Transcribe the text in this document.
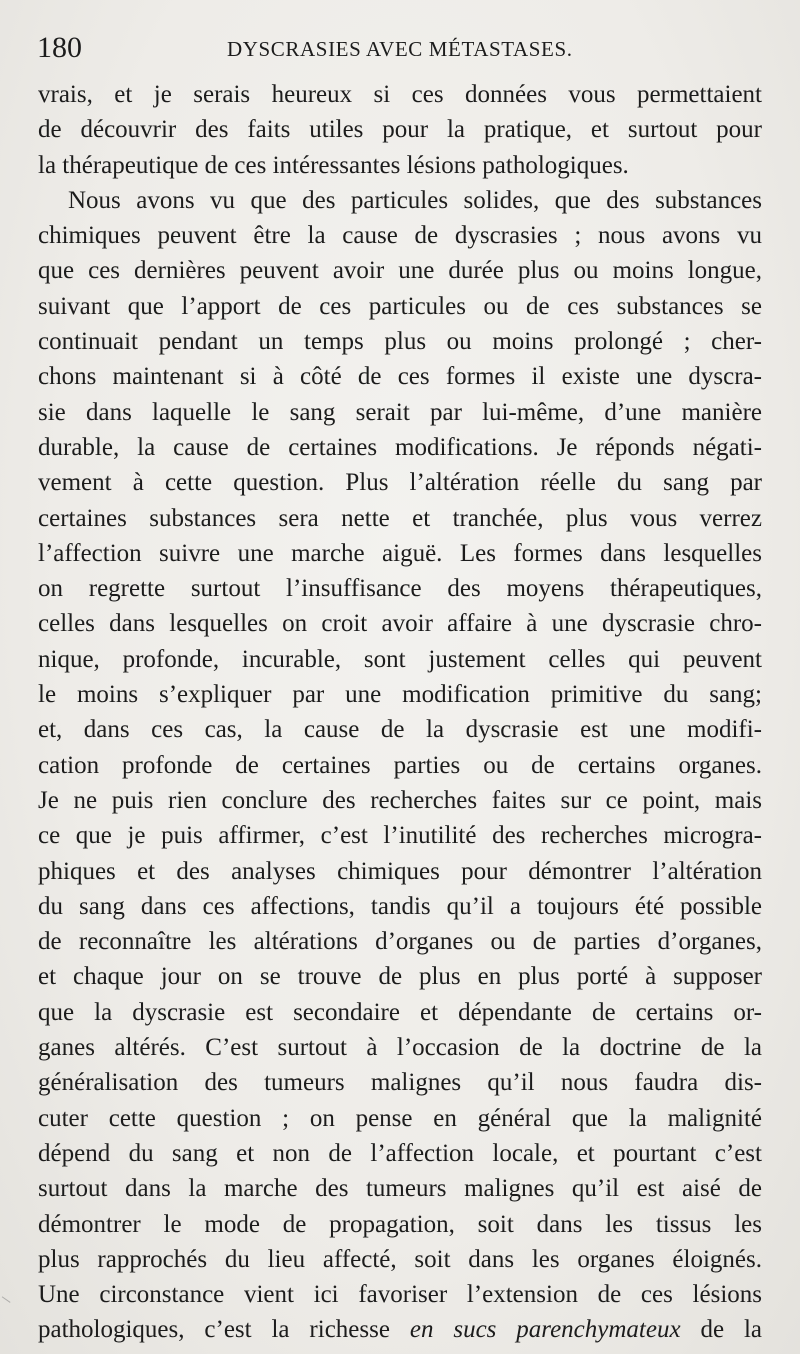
180	DYSCRASIES AVEC MÉTASTASES.
vrais, et je serais heureux si ces données vous permettaient
de découvrir des faits utiles pour la pratique, et surtout pour
la thérapeutique de ces intéressantes lésions pathologiques.
Nous avons vu que des particules solides, que des substances
chimiques peuvent être la cause de dyscrasies ; nous avons vu
que ces dernières peuvent avoir une durée plus ou moins longue,
suivant que l’apport de ces particules ou de ces substances se
continuait pendant un temps plus ou moins prolongé ; cher-
chons maintenant si à côté de ces formes il existe une dyscra-
sie dans laquelle le sang serait par lui-même, d’une manière
durable, la cause de certaines modifications. Je réponds négati-
vement à cette question. Plus l’altération réelle du sang par
certaines substances sera nette et tranchée, plus vous verrez
l’affection suivre une marche aiguë. Les formes dans lesquelles
on regrette surtout l’insuffisance des moyens thérapeutiques,
celles dans lesquelles on croit avoir affaire à une dyscrasie chro-
nique, profonde, incurable, sont justement celles qui peuvent
le moins s’expliquer par une modification primitive du sang;
et, dans ces cas, la cause de la dyscrasie est une modifi-
cation profonde de certaines parties ou de certains organes.
Je ne puis rien conclure des recherches faites sur ce point, mais
ce que je puis affirmer, c’est l’inutilité des recherches microgra-
phiques et des analyses chimiques pour démontrer l’altération
du sang dans ces affections, tandis qu’il a toujours été possible
de reconnaître les altérations d’organes ou de parties d’organes,
et chaque jour on se trouve de plus en plus porté à supposer
que la dyscrasie est secondaire et dépendante de certains or-
ganes altérés. C’est surtout à l’occasion de la doctrine de la
généralisation des tumeurs malignes qu’il nous faudra dis-
cuter cette question ; on pense en général que la malignité
dépend du sang et non de l’affection locale, et pourtant c’est
surtout dans la marche des tumeurs malignes qu’il est aisé de
démontrer le mode de propagation, soit dans les tissus les
plus rapprochés du lieu affecté, soit dans les organes éloignés.
Une circonstance vient ici favoriser l’extension de ces lésions
pathologiques, c’est la richesse en sucs parenchymateux de la
